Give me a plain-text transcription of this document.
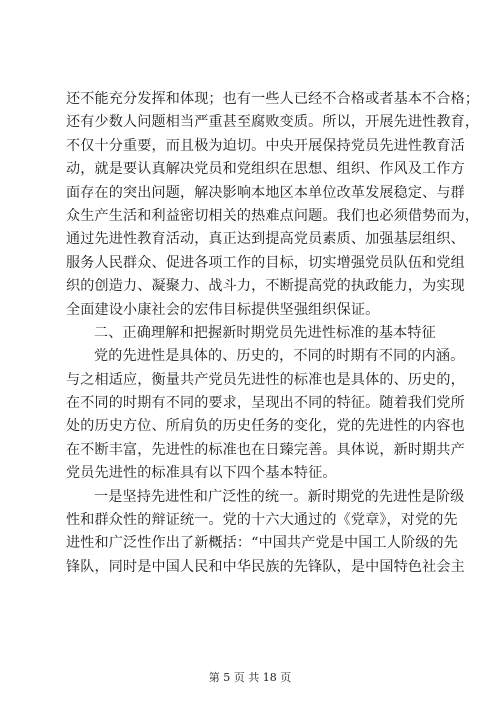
还不能充分发挥和体现；也有一些人已经不合格或者基本不合格；
还有少数人问题相当严重甚至腐败变质。所以，开展先进性教育，
不仅十分重要，而且极为迫切。中央开展保持党员先进性教育活
动，就是要认真解决党员和党组织在思想、组织、作风及工作方
面存在的突出问题，解决影响本地区本单位改革发展稳定、与群
众生产生活和利益密切相关的热难点问题。我们也必须借势而为，
通过先进性教育活动，真正达到提高党员素质、加强基层组织、
服务人民群众、促进各项工作的目标，切实增强党员队伍和党组
织的创造力、凝聚力、战斗力，不断提高党的执政能力，为实现
全面建设小康社会的宏伟目标提供坚强组织保证。
二、正确理解和把握新时期党员先进性标准的基本特征
党的先进性是具体的、历史的，不同的时期有不同的内涵。
与之相适应，衡量共产党员先进性的标准也是具体的、历史的，
在不同的时期有不同的要求，呈现出不同的特征。随着我们党所
处的历史方位、所肩负的历史任务的变化，党的先进性的内容也
在不断丰富，先进性的标准也在日臻完善。具体说，新时期共产
党员先进性的标准具有以下四个基本特征。
一是坚持先进性和广泛性的统一。新时期党的先进性是阶级
性和群众性的辩证统一。党的十六大通过的《党章》，对党的先
进性和广泛性作出了新概括：“中国共产党是中国工人阶级的先
锋队，同时是中国人民和中华民族的先锋队，是中国特色社会主
第 5 页 共 18 页
